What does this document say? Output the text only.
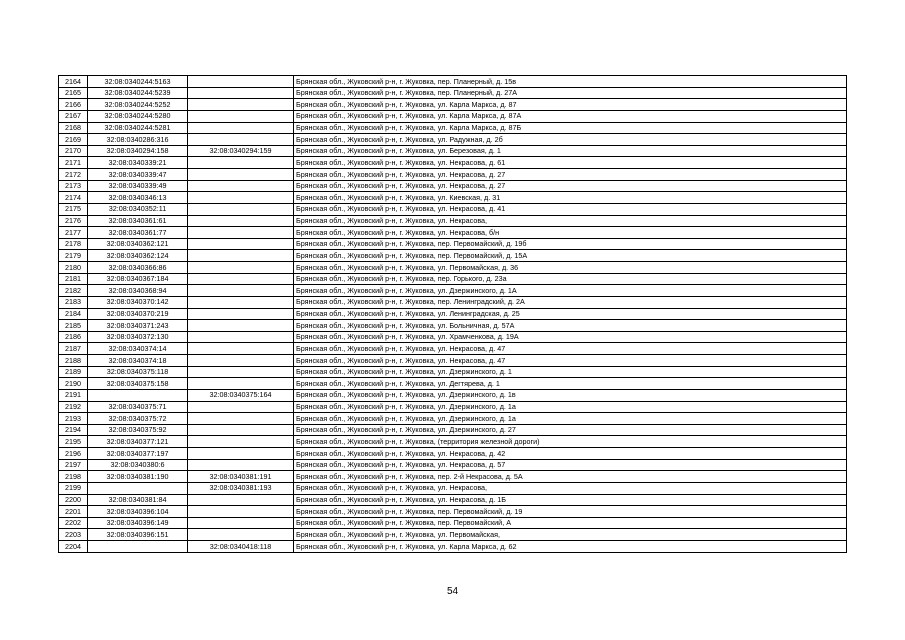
2164	32:08:0340244:5163		Брянская обл., Жуковский р-н, г. Жуковка, пер. Планерный, д. 15в
2165	32:08:0340244:5239		Брянская обл., Жуковский р-н, г. Жуковка, пер. Планерный, д. 27А
2166	32:08:0340244:5252		Брянская обл., Жуковский р-н, г. Жуковка, ул. Карла Маркса, д. 87
2167	32:08:0340244:5280		Брянская обл., Жуковский р-н, г. Жуковка, ул. Карла Маркса, д. 87А
2168	32:08:0340244:5281		Брянская обл., Жуковский р-н, г. Жуковка, ул. Карла Маркса, д. 87Б
2169	32:08:0340286:316		Брянская обл., Жуковский р-н, г. Жуковка, ул. Радужная, д. 2б
2170	32:08:0340294:158	32:08:0340294:159	Брянская обл., Жуковский р-н, г. Жуковка, ул. Березовая, д. 1
2171	32:08:0340339:21		Брянская обл., Жуковский р-н, г. Жуковка, ул. Некрасова, д. 61
2172	32:08:0340339:47		Брянская обл., Жуковский р-н, г. Жуковка, ул. Некрасова, д. 27
2173	32:08:0340339:49		Брянская обл., Жуковский р-н, г. Жуковка, ул. Некрасова, д. 27
2174	32:08:0340346:13		Брянская обл., Жуковский р-н, г. Жуковка, ул. Киевская, д. 31
2175	32:08:0340352:11		Брянская обл., Жуковский р-н, г. Жуковка, ул. Некрасова, д. 41
2176	32:08:0340361:61		Брянская обл., Жуковский р-н, г. Жуковка, ул. Некрасова,
2177	32:08:0340361:77		Брянская обл., Жуковский р-н, г. Жуковка, ул. Некрасова, б/н
2178	32:08:0340362:121		Брянская обл., Жуковский р-н, г. Жуковка, пер. Первомайский, д. 19б
2179	32:08:0340362:124		Брянская обл., Жуковский р-н, г. Жуковка, пер. Первомайский, д. 15А
2180	32:08:0340366:86		Брянская обл., Жуковский р-н, г. Жуковка, ул. Первомайская, д. 36
2181	32:08:0340367:184		Брянская обл., Жуковский р-н, г. Жуковка, пер. Горького, д. 23а
2182	32:08:0340368:94		Брянская обл., Жуковский р-н, г. Жуковка, ул. Дзержинского, д. 1А
2183	32:08:0340370:142		Брянская обл., Жуковский р-н, г. Жуковка, пер. Ленинградский, д. 2А
2184	32:08:0340370:219		Брянская обл., Жуковский р-н, г. Жуковка, ул. Ленинградская, д. 25
2185	32:08:0340371:243		Брянская обл., Жуковский р-н, г. Жуковка, ул. Больничная, д. 57А
2186	32:08:0340372:130		Брянская обл., Жуковский р-н, г. Жуковка, ул. Храмченкова, д. 19А
2187	32:08:0340374:14		Брянская обл., Жуковский р-н, г. Жуковка, ул. Некрасова, д. 47
2188	32:08:0340374:18		Брянская обл., Жуковский р-н, г. Жуковка, ул. Некрасова, д. 47
2189	32:08:0340375:118		Брянская обл., Жуковский р-н, г. Жуковка, ул. Дзержинского, д. 1
2190	32:08:0340375:158		Брянская обл., Жуковский р-н, г. Жуковка, ул. Дегтярева, д. 1
2191		32:08:0340375:164	Брянская обл., Жуковский р-н, г. Жуковка, ул. Дзержинского, д. 1в
2192	32:08:0340375:71		Брянская обл., Жуковский р-н, г. Жуковка, ул. Дзержинского, д. 1а
2193	32:08:0340375:72		Брянская обл., Жуковский р-н, г. Жуковка, ул. Дзержинского, д. 1а
2194	32:08:0340375:92		Брянская обл., Жуковский р-н, г. Жуковка, ул. Дзержинского, д. 27
2195	32:08:0340377:121		Брянская обл., Жуковский р-н, г. Жуковка, (территория железной дороги)
2196	32:08:0340377:197		Брянская обл., Жуковский р-н, г. Жуковка, ул. Некрасова, д. 42
2197	32:08:0340380:6		Брянская обл., Жуковский р-н, г. Жуковка, ул. Некрасова, д. 57
2198	32:08:0340381:190	32:08:0340381:191	Брянская обл., Жуковский р-н, г. Жуковка, пер. 2-й Некрасова, д. 5А
2199		32:08:0340381:193	Брянская обл., Жуковский р-н, г. Жуковка, ул. Некрасова,
2200	32:08:0340381:84		Брянская обл., Жуковский р-н, г. Жуковка, ул. Некрасова, д. 1Б
2201	32:08:0340396:104		Брянская обл., Жуковский р-н, г. Жуковка, пер. Первомайский, д. 19
2202	32:08:0340396:149		Брянская обл., Жуковский р-н, г. Жуковка, пер. Первомайский, А
2203	32:08:0340396:151		Брянская обл., Жуковский р-н, г. Жуковка, ул. Первомайская,
2204		32:08:0340418:118	Брянская обл., Жуковский р-н, г. Жуковка, ул. Карла Маркса, д. 62
54
